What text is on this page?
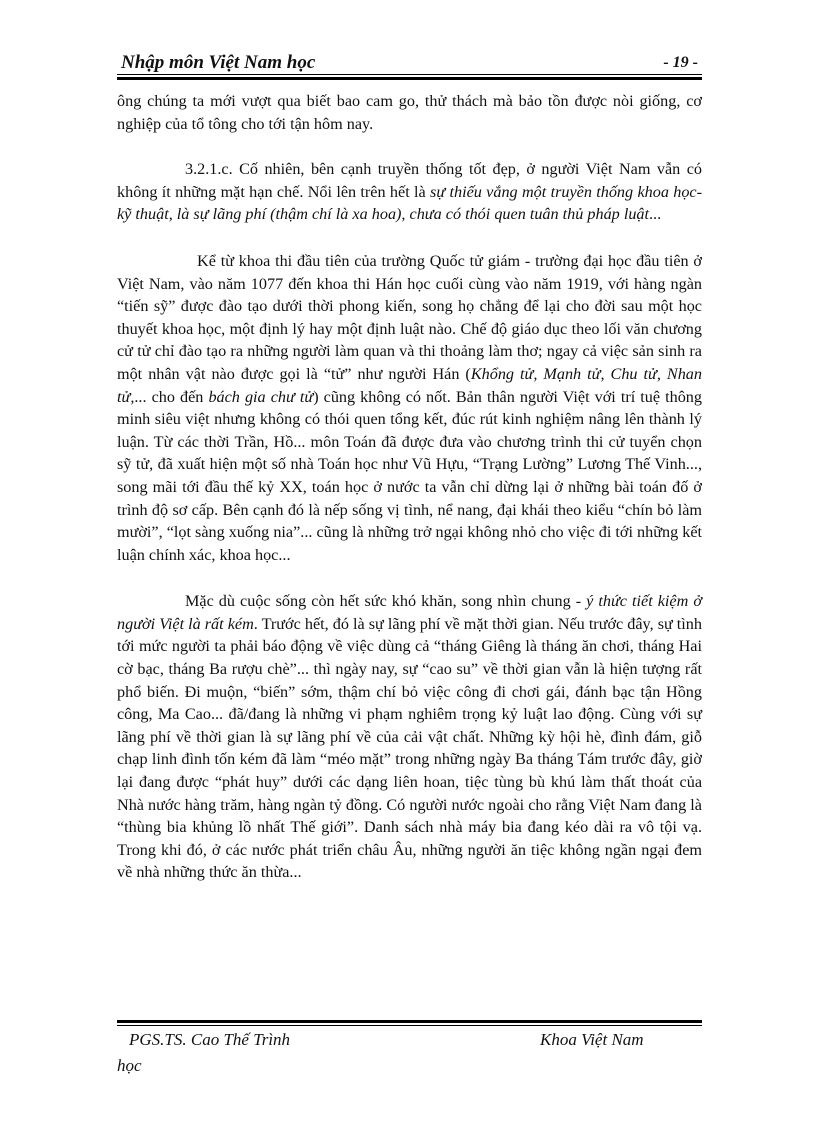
Nhập môn Việt Nam học	- 19 -

ông chúng ta mới vượt qua biết bao cam go, thử thách mà bảo tồn được nòi giống, cơ nghiệp của tổ tông cho tới tận hôm nay.

3.2.1.c. Cố nhiên, bên cạnh truyền thống tốt đẹp, ở người Việt Nam vẫn có không ít những mặt hạn chế. Nổi lên trên hết là sự thiếu vắng một truyền thống khoa học-kỹ thuật, là sự lãng phí (thậm chí là xa hoa), chưa có thói quen tuân thủ pháp luật...

Kể từ khoa thi đầu tiên của trường Quốc tử giám - trường đại học đầu tiên ở Việt Nam, vào năm 1077 đến khoa thi Hán học cuối cùng vào năm 1919, với hàng ngàn “tiến sỹ” được đào tạo dưới thời phong kiến, song họ chẳng để lại cho đời sau một học thuyết khoa học, một định lý hay một định luật nào. Chế độ giáo dục theo lối văn chương cử tử chỉ đào tạo ra những người làm quan và thi thoảng làm thơ; ngay cả việc sản sinh ra một nhân vật nào được gọi là “tử” như người Hán (Khổng tử, Mạnh tử, Chu tử, Nhan tử,... cho đến bách gia chư tử) cũng không có nốt. Bản thân người Việt với trí tuệ thông minh siêu việt nhưng không có thói quen tổng kết, đúc rút kinh nghiệm nâng lên thành lý luận. Từ các thời Trần, Hồ... môn Toán đã được đưa vào chương trình thi cử tuyển chọn sỹ tử, đã xuất hiện một số nhà Toán học như Vũ Hựu, “Trạng Lường” Lương Thế Vinh..., song mãi tới đầu thế kỷ XX, toán học ở nước ta vẫn chỉ dừng lại ở những bài toán đố ở trình độ sơ cấp. Bên cạnh đó là nếp sống vị tình, nể nang, đại khái theo kiểu “chín bỏ làm mười”, “lọt sàng xuống nia”... cũng là những trở ngại không nhỏ cho việc đi tới những kết luận chính xác, khoa học...

Mặc dù cuộc sống còn hết sức khó khăn, song nhìn chung - ý thức tiết kiệm ở người Việt là rất kém. Trước hết, đó là sự lãng phí về mặt thời gian. Nếu trước đây, sự tình tới mức người ta phải báo động về việc dùng cả “tháng Giêng là tháng ăn chơi, tháng Hai cờ bạc, tháng Ba rượu chè”... thì ngày nay, sự “cao su” về thời gian vẫn là hiện tượng rất phổ biến. Đi muộn, “biến” sớm, thậm chí bỏ việc công đi chơi gái, đánh bạc tận Hồng công, Ma Cao... đã/đang là những vi phạm nghiêm trọng kỷ luật lao động. Cùng với sự lãng phí về thời gian là sự lãng phí về của cải vật chất. Những kỳ hội hè, đình đám, giỗ chạp linh đình tốn kém đã làm “méo mặt” trong những ngày Ba tháng Tám trước đây, giờ lại đang được “phát huy” dưới các dạng liên hoan, tiệc tùng bù khú làm thất thoát của Nhà nước hàng trăm, hàng ngàn tỷ đồng. Có người nước ngoài cho rằng Việt Nam đang là “thùng bia khủng lồ nhất Thế giới”. Danh sách nhà máy bia đang kéo dài ra vô tội vạ. Trong khi đó, ở các nước phát triển châu Âu, những người ăn tiệc không ngần ngại đem về nhà những thức ăn thừa...

PGS.TS. Cao Thế Trình	Khoa Việt Nam
học
